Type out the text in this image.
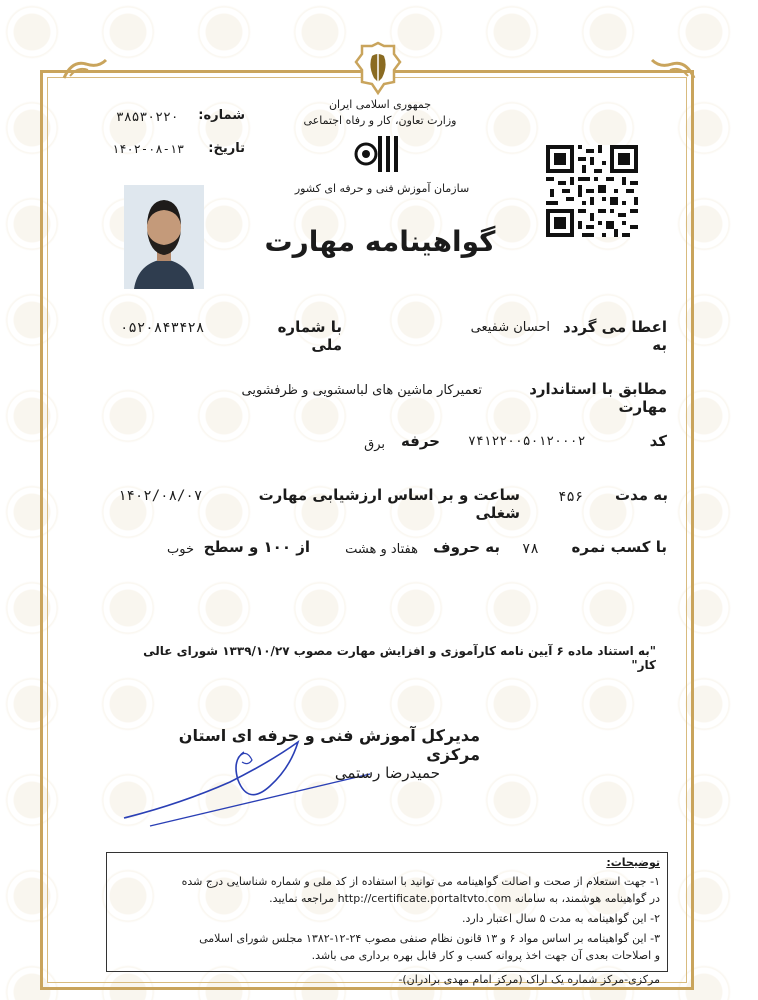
جمهوری اسلامی ایران
وزارت تعاون، کار و رفاه اجتماعی
سازمان آموزش فنی و حرفه ای کشور
شماره:
۳۸۵۳۰۲۲۰
تاریخ:
۱۴۰۲-۰۸-۱۳
گواهینامه مهارت
اعطا می گردد به
احسان شفیعی
با شماره ملی
۰۵۲۰۸۴۳۴۲۸
مطابق با استاندارد مهارت
تعمیرکار ماشین های لباسشویی و ظرفشویی
کد
۷۴۱۲۲۰۰۵۰۱۲۰۰۰۲
حرفه
برق
به مدت
۴۵۶
ساعت و بر اساس ارزشیابی مهارت شغلی
۱۴۰۲/۰۸/۰۷
با کسب نمره
۷۸
به حروف
هفتاد و هشت
از ۱۰۰ و سطح
خوب
"به استناد ماده ۶ آیین نامه کارآموزی و افزایش مهارت مصوب ۱۳۳۹/۱۰/۲۷ شورای عالی کار"
مدیرکل آموزش فنی و حرفه ای استان مرکزی
حمیدرضا رستمی
توضیحات:
۱- جهت استعلام از صحت و اصالت گواهینامه می توانید با استفاده از کد ملی و شماره شناسایی درج شده
در گواهینامه هوشمند، به سامانه http://certificate.portaltvto.com مراجعه نمایید.
۲- این گواهینامه به مدت ۵ سال اعتبار دارد.
۳- این گواهینامه بر اساس مواد ۶ و ۱۳ قانون نظام صنفی مصوب ۲۴-۱۲-۱۳۸۲ مجلس شورای اسلامی
و اصلاحات بعدی آن جهت اخذ پروانه کسب و کار قابل بهره برداری می باشد.
مرکزی-مرکز شماره یک اراک (مرکز امام مهدی برادران)-
